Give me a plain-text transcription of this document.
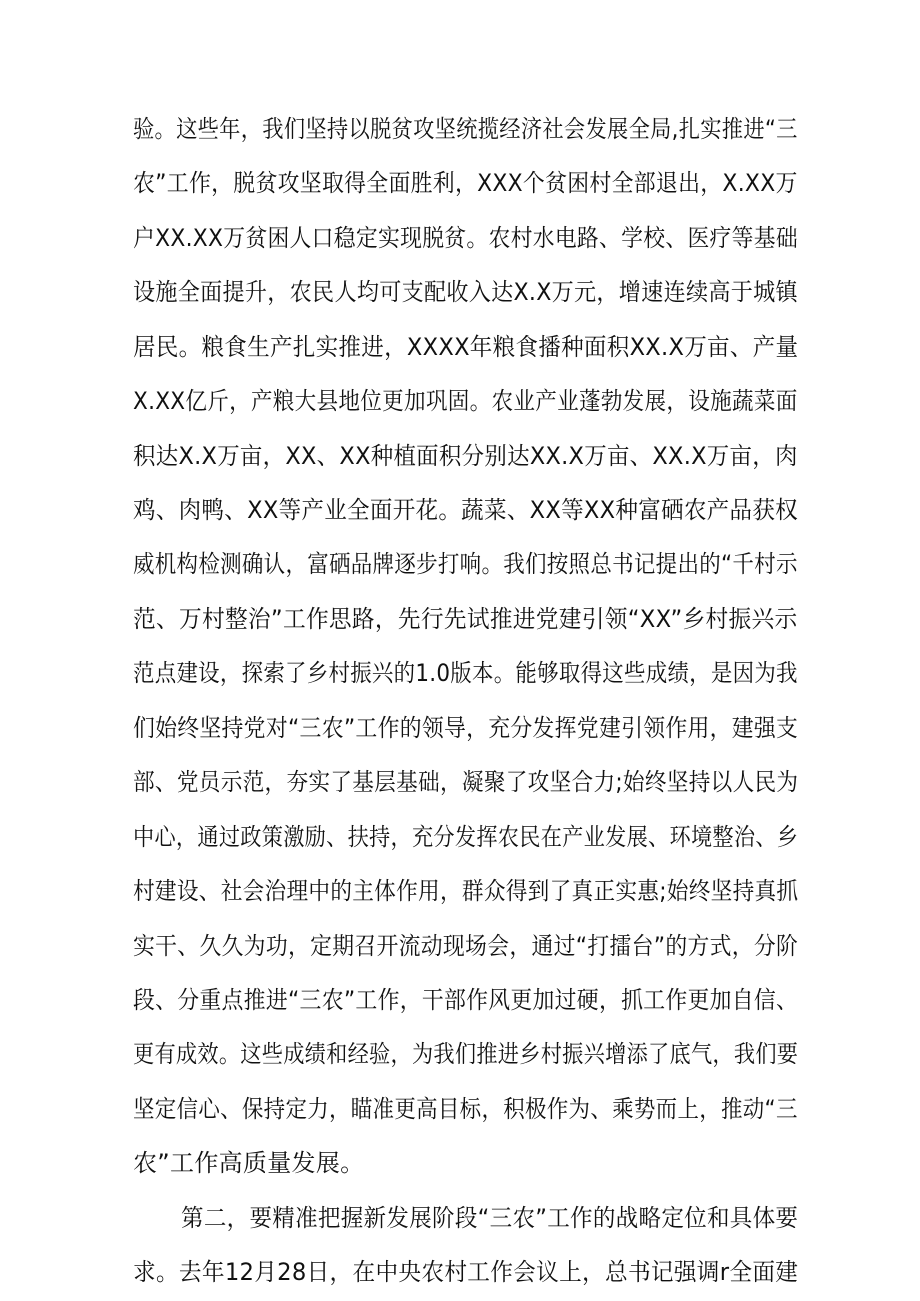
验。这些年，我们坚持以脱贫攻坚统揽经济社会发展全局,扎实推进“三
农”工作，脱贫攻坚取得全面胜利，XXX个贫困村全部退出，X.XX万
户XX.XX万贫困人口稳定实现脱贫。农村水电路、学校、医疗等基础
设施全面提升，农民人均可支配收入达X.X万元，增速连续高于城镇
居民。粮食生产扎实推进，XXXX年粮食播种面积XX.X万亩、产量
X.XX亿斤，产粮大县地位更加巩固。农业产业蓬勃发展，设施蔬菜面
积达X.X万亩，XX、XX种植面积分别达XX.X万亩、XX.X万亩，肉
鸡、肉鸭、XX等产业全面开花。蔬菜、XX等XX种富硒农产品获权
威机构检测确认，富硒品牌逐步打响。我们按照总书记提出的“千村示
范、万村整治”工作思路，先行先试推进党建引领“XX”乡村振兴示
范点建设，探索了乡村振兴的1.0版本。能够取得这些成绩，是因为我
们始终坚持党对“三农”工作的领导，充分发挥党建引领作用，建强支
部、党员示范，夯实了基层基础，凝聚了攻坚合力;始终坚持以人民为
中心，通过政策激励、扶持，充分发挥农民在产业发展、环境整治、乡
村建设、社会治理中的主体作用，群众得到了真正实惠;始终坚持真抓
实干、久久为功，定期召开流动现场会，通过“打擂台”的方式，分阶
段、分重点推进“三农”工作，干部作风更加过硬，抓工作更加自信、
更有成效。这些成绩和经验，为我们推进乡村振兴增添了底气，我们要
坚定信心、保持定力，瞄准更高目标，积极作为、乘势而上，推动“三
农”工作高质量发展。
第二，要精准把握新发展阶段“三农”工作的战略定位和具体要
求。去年12月28日，在中央农村工作会议上，总书记强调r全面建
